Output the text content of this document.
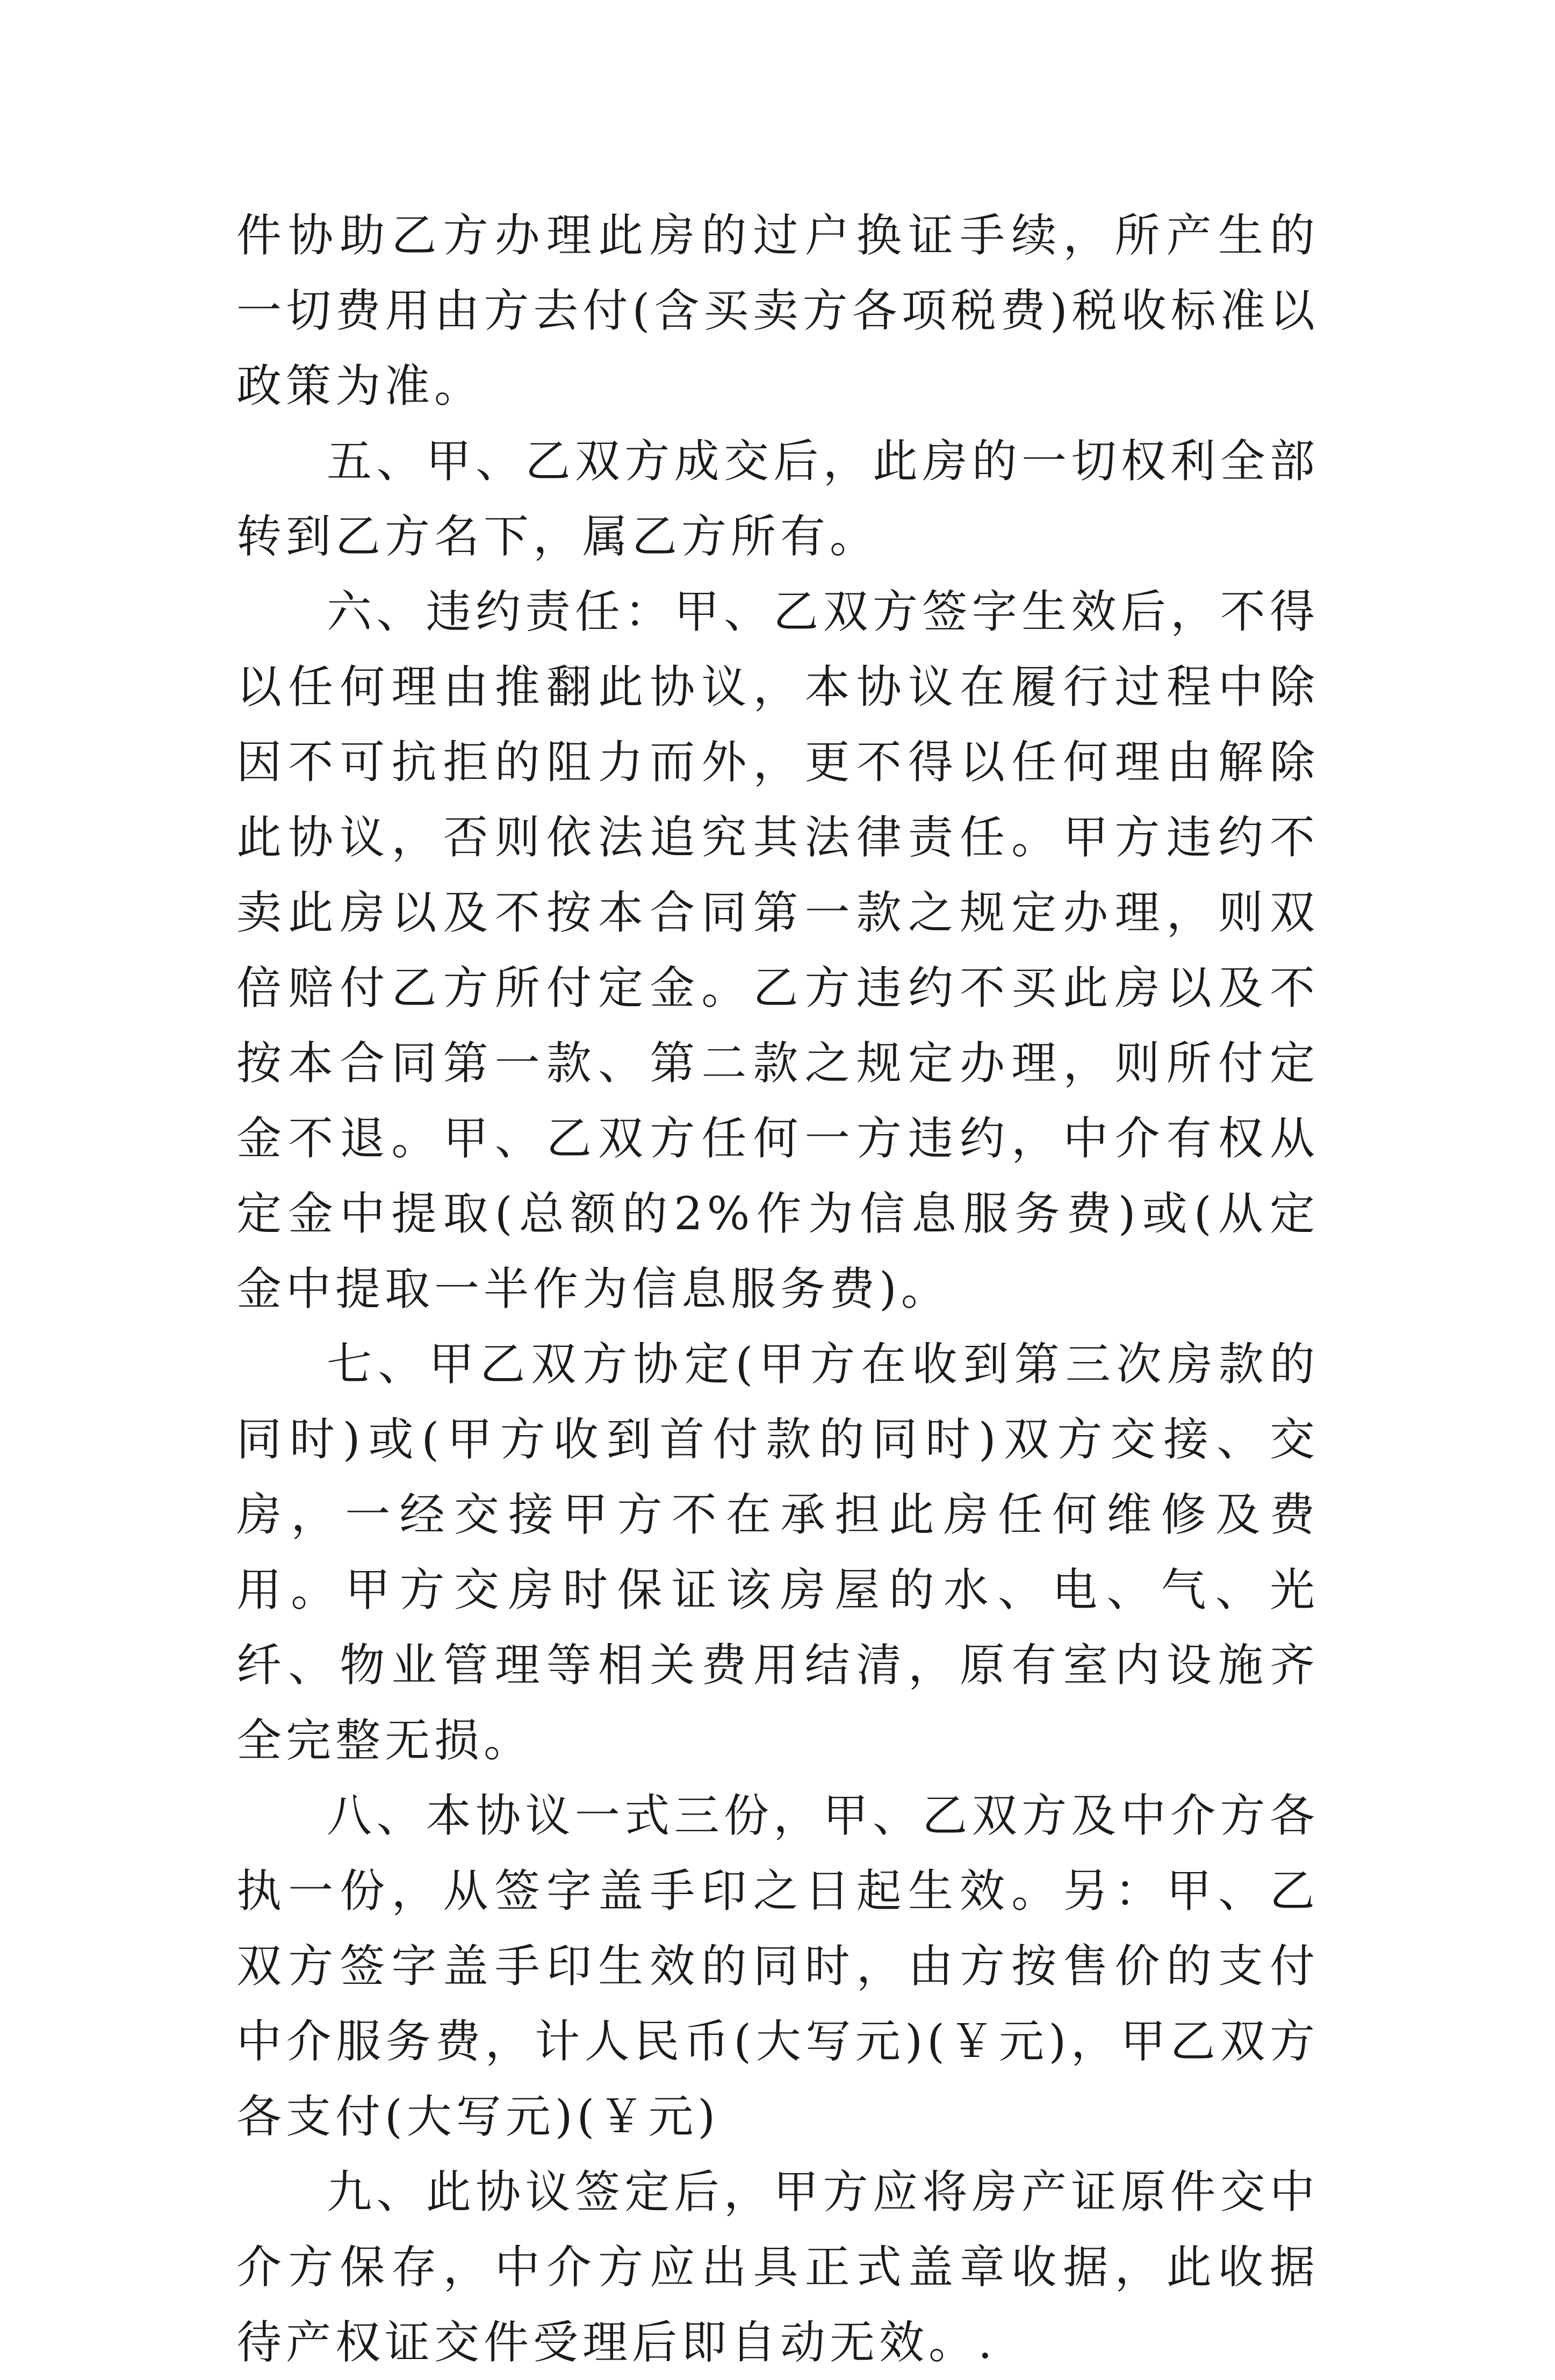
件协助乙方办理此房的过户换证手续，所产生的一切费用由方去付(含买卖方各项税费)税收标准以政策为准。

五、甲、乙双方成交后，此房的一切权利全部转到乙方名下，属乙方所有。

六、违约责任：甲、乙双方签字生效后，不得以任何理由推翻此协议，本协议在履行过程中除因不可抗拒的阻力而外，更不得以任何理由解除此协议，否则依法追究其法律责任。甲方违约不卖此房以及不按本合同第一款之规定办理，则双倍赔付乙方所付定金。乙方违约不买此房以及不按本合同第一款、第二款之规定办理，则所付定金不退。甲、乙双方任何一方违约，中介有权从定金中提取(总额的2%作为信息服务费)或(从定金中提取一半作为信息服务费)。

七、甲乙双方协定(甲方在收到第三次房款的同时)或(甲方收到首付款的同时)双方交接、交房，一经交接甲方不在承担此房任何维修及费用。甲方交房时保证该房屋的水、电、气、光纤、物业管理等相关费用结清，原有室内设施齐全完整无损。

八、本协议一式三份，甲、乙双方及中介方各执一份，从签字盖手印之日起生效。另：甲、乙双方签字盖手印生效的同时，由方按售价的支付中介服务费，计人民币(大写元)(￥元)，甲乙双方各支付(大写元)(￥元)

九、此协议签定后，甲方应将房产证原件交中介方保存，中介方应出具正式盖章收据，此收据待产权证交件受理后即自动无效。.
